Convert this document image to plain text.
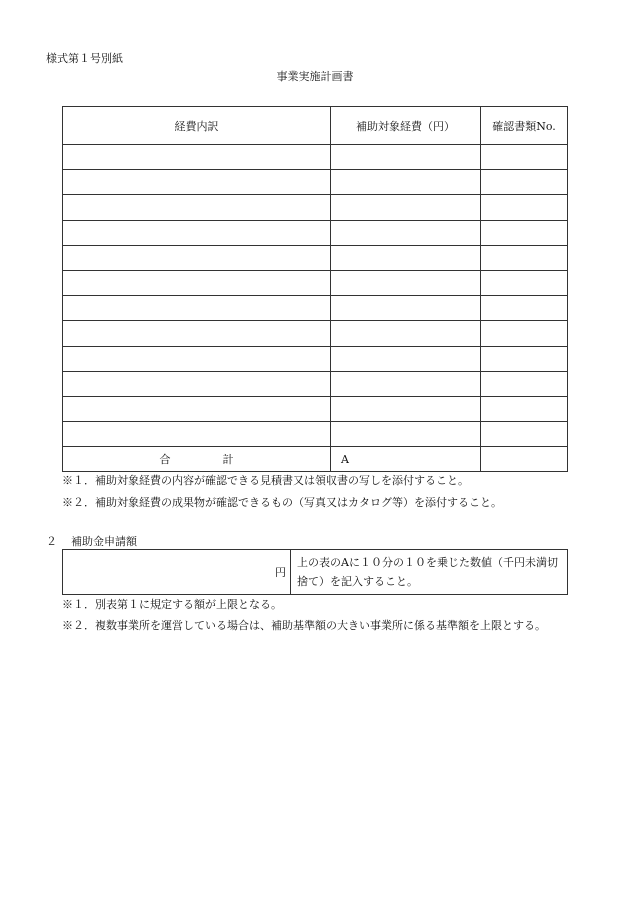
様式第１号別紙
事業実施計画書
経費内訳	補助対象経費（円）	確認書類No.

合 計	A	
※１．補助対象経費の内容が確認できる見積書又は領収書の写しを添付すること。
※２．補助対象経費の成果物が確認できるもの（写真又はカタログ等）を添付すること。
２ 補助金申請額
円	上の表のAに１０分の１０を乗じた数値（千円未満切捨て）を記入すること。
※１．別表第１に規定する額が上限となる。
※２．複数事業所を運営している場合は、補助基準額の大きい事業所に係る基準額を上限とする。
